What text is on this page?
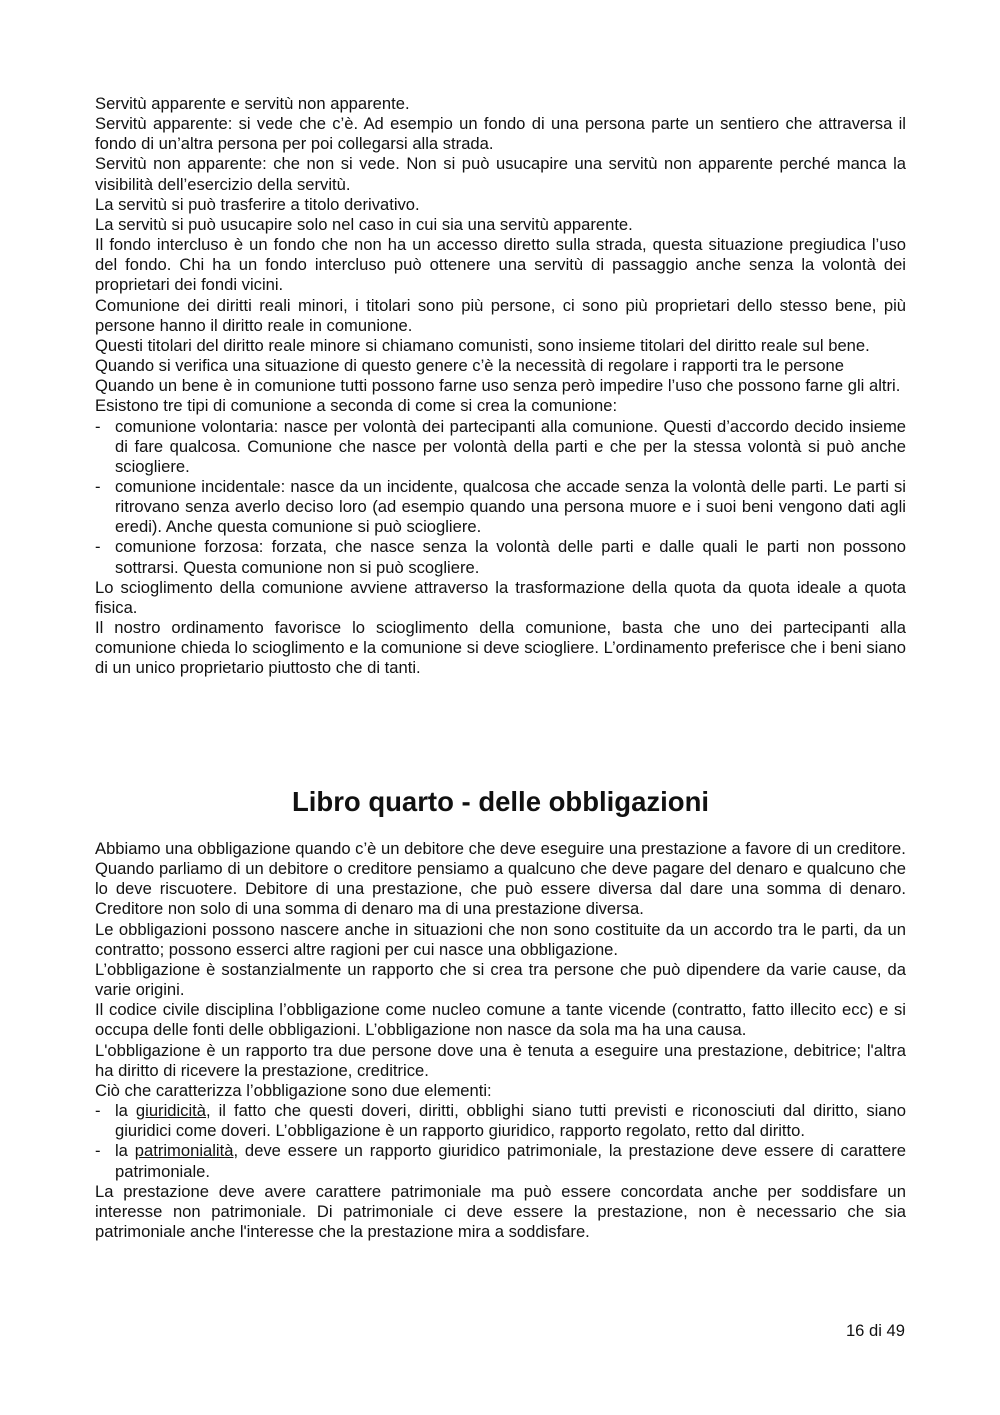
Servitù apparente e servitù non apparente.

Servitù apparente: si vede che c’è. Ad esempio un fondo di una persona parte un sentiero che attraversa il fondo di un’altra persona per poi collegarsi alla strada.

Servitù non apparente: che non si vede. Non si può usucapire una servitù non apparente perché manca la visibilità dell’esercizio della servitù.

La servitù si può trasferire a titolo derivativo.

La servitù si può usucapire solo nel caso in cui sia una servitù apparente.

Il fondo intercluso è un fondo che non ha un accesso diretto sulla strada, questa situazione pregiudica l’uso del fondo. Chi ha un fondo intercluso può ottenere una servitù di passaggio anche senza la volontà dei proprietari dei fondi vicini.

Comunione dei diritti reali minori, i titolari sono più persone, ci sono più proprietari dello stesso bene, più persone hanno il diritto reale in comunione.

Questi titolari del diritto reale minore si chiamano comunisti, sono insieme titolari del diritto reale sul bene.

Quando si verifica una situazione di questo genere c’è la necessità di regolare i rapporti tra le persone

Quando un bene è in comunione tutti possono farne uso senza però impedire l’uso che possono farne gli altri.

Esistono tre tipi di comunione a seconda di come si crea la comunione:

- comunione volontaria: nasce per volontà dei partecipanti alla comunione. Questi d’accordo decido insieme di fare qualcosa. Comunione che nasce per volontà della parti e che per la stessa volontà si può anche sciogliere.
- comunione incidentale: nasce da un incidente, qualcosa che accade senza la volontà delle parti. Le parti si ritrovano senza averlo deciso loro (ad esempio quando una persona muore e i suoi beni vengono dati agli eredi). Anche questa comunione si può sciogliere.
- comunione forzosa: forzata, che nasce senza la volontà delle parti e dalle quali le parti non possono sottrarsi. Questa comunione non si può scogliere.

Lo scioglimento della comunione avviene attraverso la trasformazione della quota da quota ideale a quota fisica.

Il nostro ordinamento favorisce lo scioglimento della comunione, basta che uno dei partecipanti alla comunione chieda lo scioglimento e la comunione si deve sciogliere. L’ordinamento preferisce che i beni siano di un unico proprietario piuttosto che di tanti.

Libro quarto - delle obbligazioni

Abbiamo una obbligazione quando c’è un debitore che deve eseguire una prestazione a favore di un creditore.

Quando parliamo di un debitore o creditore pensiamo a qualcuno che deve pagare del denaro e qualcuno che lo deve riscuotere. Debitore di una prestazione, che può essere diversa dal dare una somma di denaro. Creditore non solo di una somma di denaro ma di una prestazione diversa.

Le obbligazioni possono nascere anche in situazioni che non sono costituite da un accordo tra le parti, da un contratto; possono esserci altre ragioni per cui nasce una obbligazione.

L’obbligazione è sostanzialmente un rapporto che si crea tra persone che può dipendere da varie cause, da varie origini.

Il codice civile disciplina l’obbligazione come nucleo comune a tante vicende (contratto, fatto illecito ecc) e si occupa delle fonti delle obbligazioni. L’obbligazione non nasce da sola ma ha una causa.

L'obbligazione è un rapporto tra due persone dove una è tenuta a eseguire una prestazione, debitrice; l'altra ha diritto di ricevere la prestazione, creditrice.

Ciò che caratterizza l’obbligazione sono due elementi:

- la giuridicità, il fatto che questi doveri, diritti, obblighi siano tutti previsti e riconosciuti dal diritto, siano giuridici come doveri. L’obbligazione è un rapporto giuridico, rapporto regolato, retto dal diritto.
- la patrimonialità, deve essere un rapporto giuridico patrimoniale, la prestazione deve essere di carattere patrimoniale.

La prestazione deve avere carattere patrimoniale ma può essere concordata anche per soddisfare un interesse non patrimoniale. Di patrimoniale ci deve essere la prestazione, non è necessario che sia patrimoniale anche l'interesse che la prestazione mira a soddisfare.

16 di 49
